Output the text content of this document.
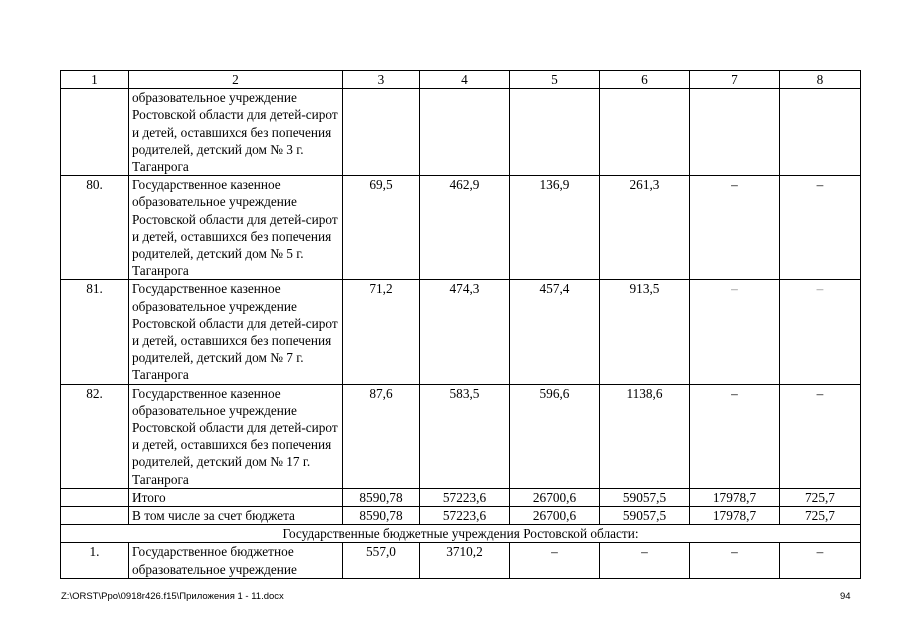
1	2	3	4	5	6	7	8
	образовательное учреждение Ростовской области для детей-сирот и детей, оставшихся без попечения родителей, детский дом № 3 г. Таганрога						
80.	Государственное казенное образовательное учреждение Ростовской области для детей-сирот и детей, оставшихся без попечения родителей, детский дом № 5 г. Таганрога	69,5	462,9	136,9	261,3	–	–
81.	Государственное казенное образовательное учреждение Ростовской области для детей-сирот и детей, оставшихся без попечения родителей, детский дом № 7 г. Таганрога	71,2	474,3	457,4	913,5	–	–
82.	Государственное казенное образовательное учреждение Ростовской области для детей-сирот и детей, оставшихся без попечения родителей, детский дом № 17 г. Таганрога	87,6	583,5	596,6	1138,6	–	–
	Итого	8590,78	57223,6	26700,6	59057,5	17978,7	725,7
	В том числе за счет бюджета	8590,78	57223,6	26700,6	59057,5	17978,7	725,7
Государственные бюджетные учреждения Ростовской области:							
1.	Государственное бюджетное образовательное учреждение	557,0	3710,2	–	–	–	–
Z:\ORST\Ppo\0918r426.f15\Приложения 1 - 11.docx	94
